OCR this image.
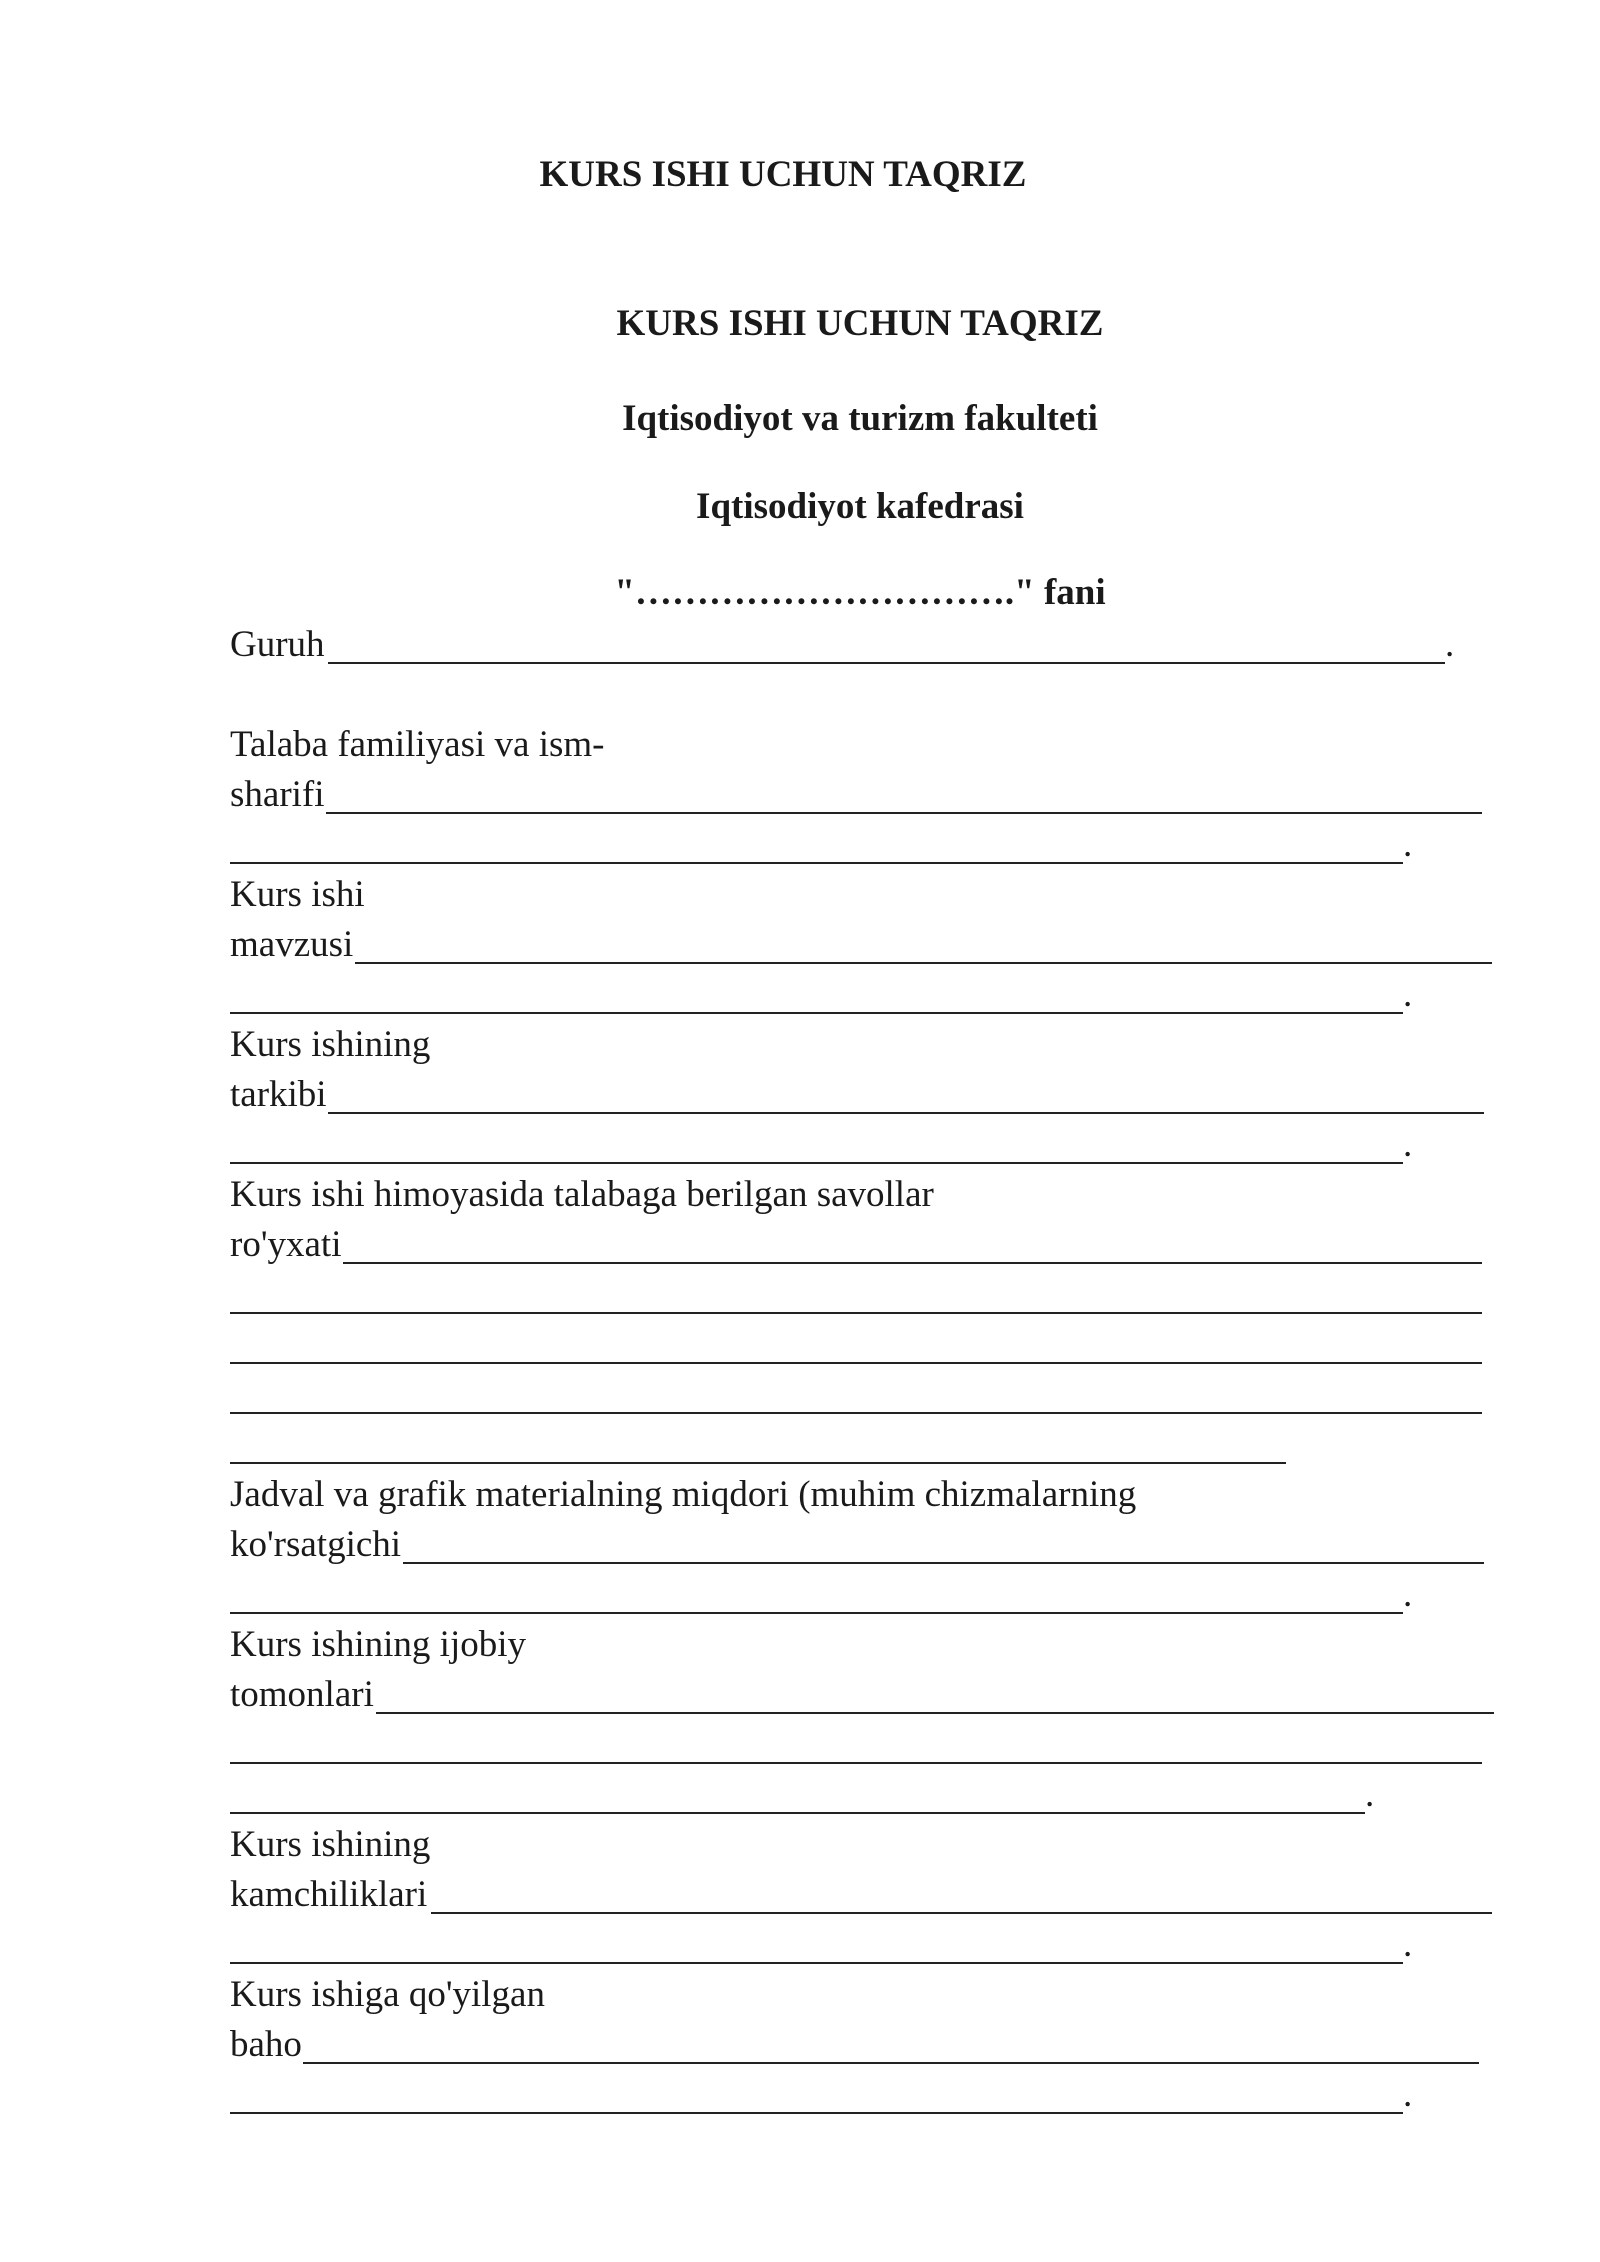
KURS ISHI UCHUN TAQRIZ
KURS ISHI UCHUN TAQRIZ
Iqtisodiyot va turizm fakulteti
Iqtisodiyot kafedrasi
"…………………………." fani
Guruh	.
Talaba familiyasi va ism-
sharifi
.
Kurs ishi
mavzusi
.
Kurs ishining
tarkibi
.
Kurs ishi himoyasida talabaga berilgan savollar
ro'yxati
Jadval va grafik materialning miqdori (muhim chizmalarning
ko'rsatgichi
.
Kurs ishining ijobiy
tomonlari
.
Kurs ishining
kamchiliklari
.
Kurs ishiga qo'yilgan
baho
.
